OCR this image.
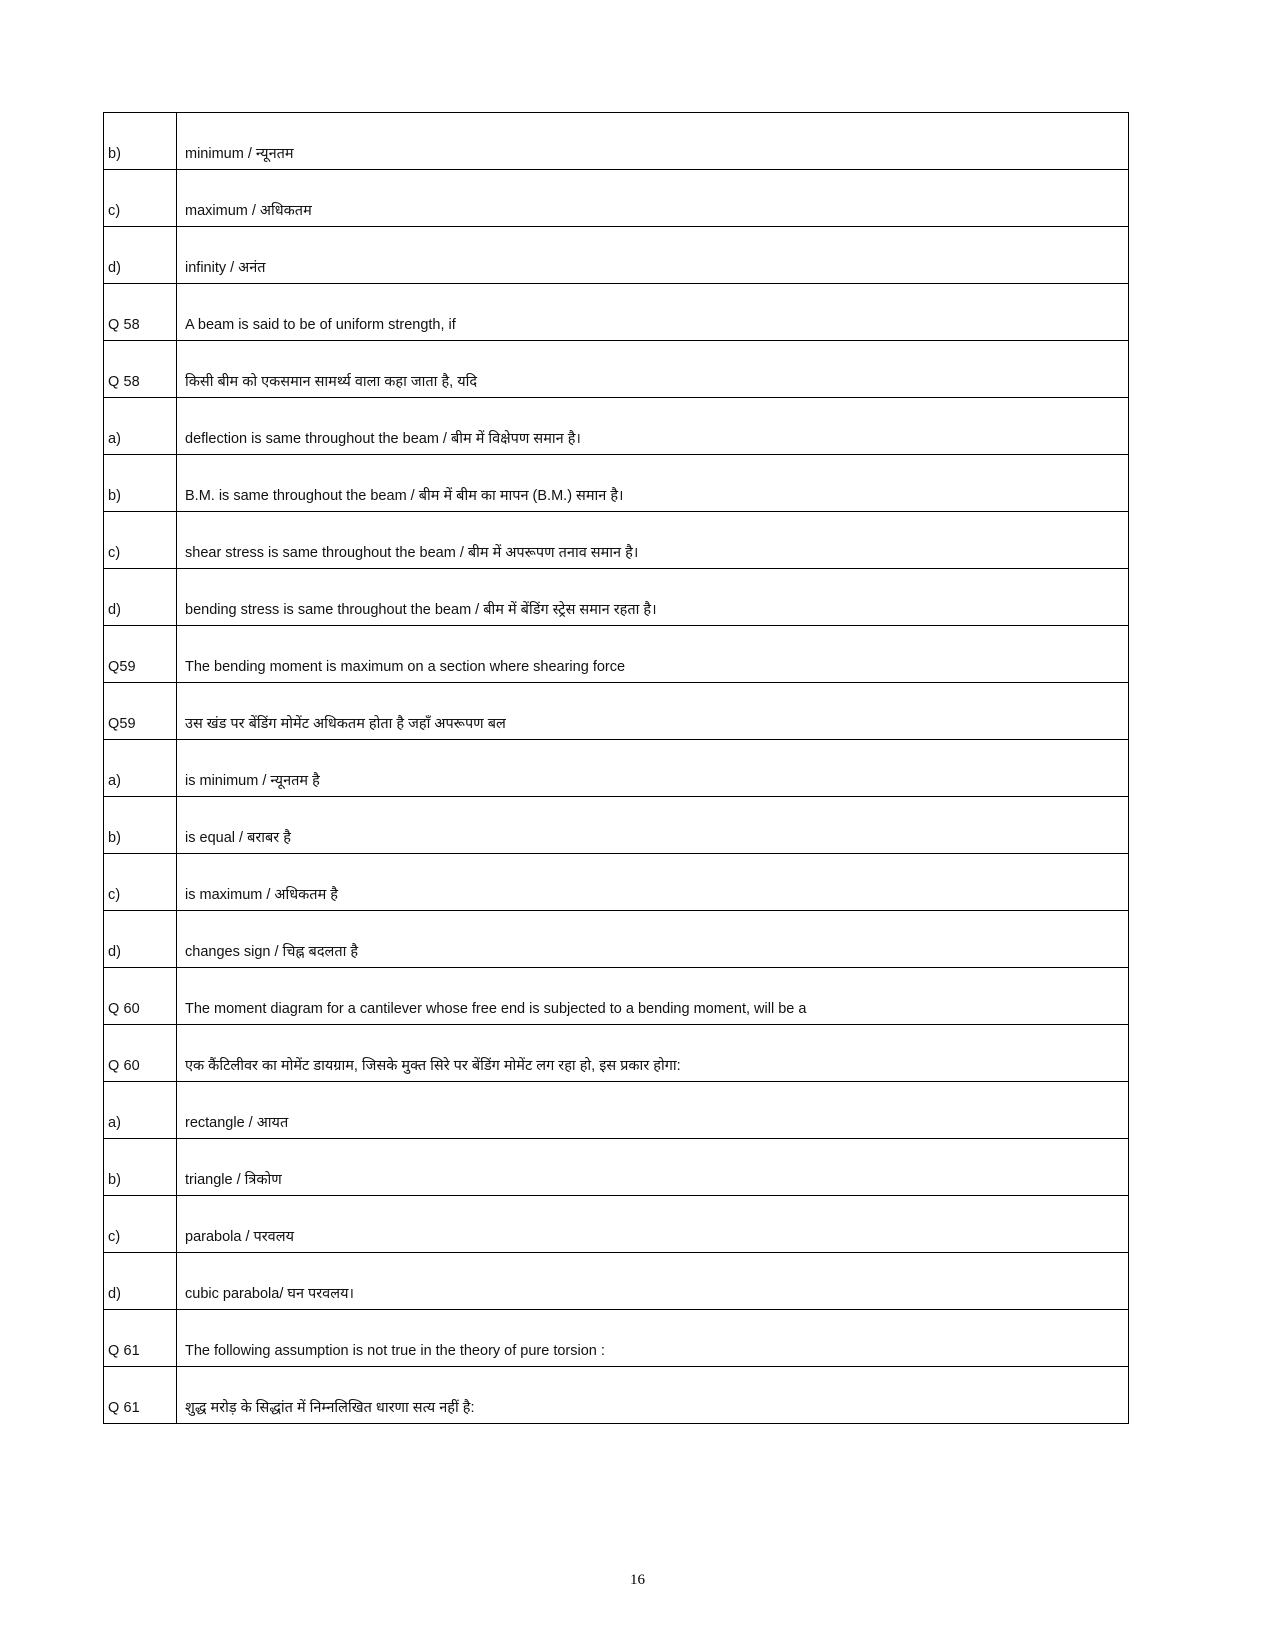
b)	minimum / न्यूनतम
c)	maximum / अधिकतम
d)	infinity / अनंत
Q 58	A beam is said to be of uniform strength, if
Q 58	किसी बीम को एकसमान सामर्थ्य वाला कहा जाता है, यदि
a)	deflection is same throughout the beam / बीम में विक्षेपण समान है।
b)	B.M. is same throughout the beam / बीम में बीम का मापन (B.M.) समान है।
c)	shear stress is same throughout the beam / बीम में अपरूपण तनाव समान है।
d)	bending stress is same throughout the beam / बीम में बेंडिंग स्ट्रेस समान रहता है।
Q59	The bending moment is maximum on a section where shearing force
Q59	उस खंड पर बेंडिंग मोमेंट अधिकतम होता है जहाँ अपरूपण बल
a)	is minimum / न्यूनतम है
b)	is equal / बराबर है
c)	is maximum / अधिकतम है
d)	changes sign / चिह्न बदलता है
Q 60	The moment diagram for a cantilever whose free end is subjected to a bending moment, will be a
Q 60	एक कैंटिलीवर का मोमेंट डायग्राम, जिसके मुक्त सिरे पर बेंडिंग मोमेंट लग रहा हो, इस प्रकार होगा:
a)	rectangle / आयत
b)	triangle / त्रिकोण
c)	parabola / परवलय
d)	cubic parabola/ घन परवलय।
Q 61	The following assumption is not true in the theory of pure torsion :
Q 61	शुद्ध मरोड़ के सिद्धांत में निम्नलिखित धारणा सत्य नहीं है:
16
